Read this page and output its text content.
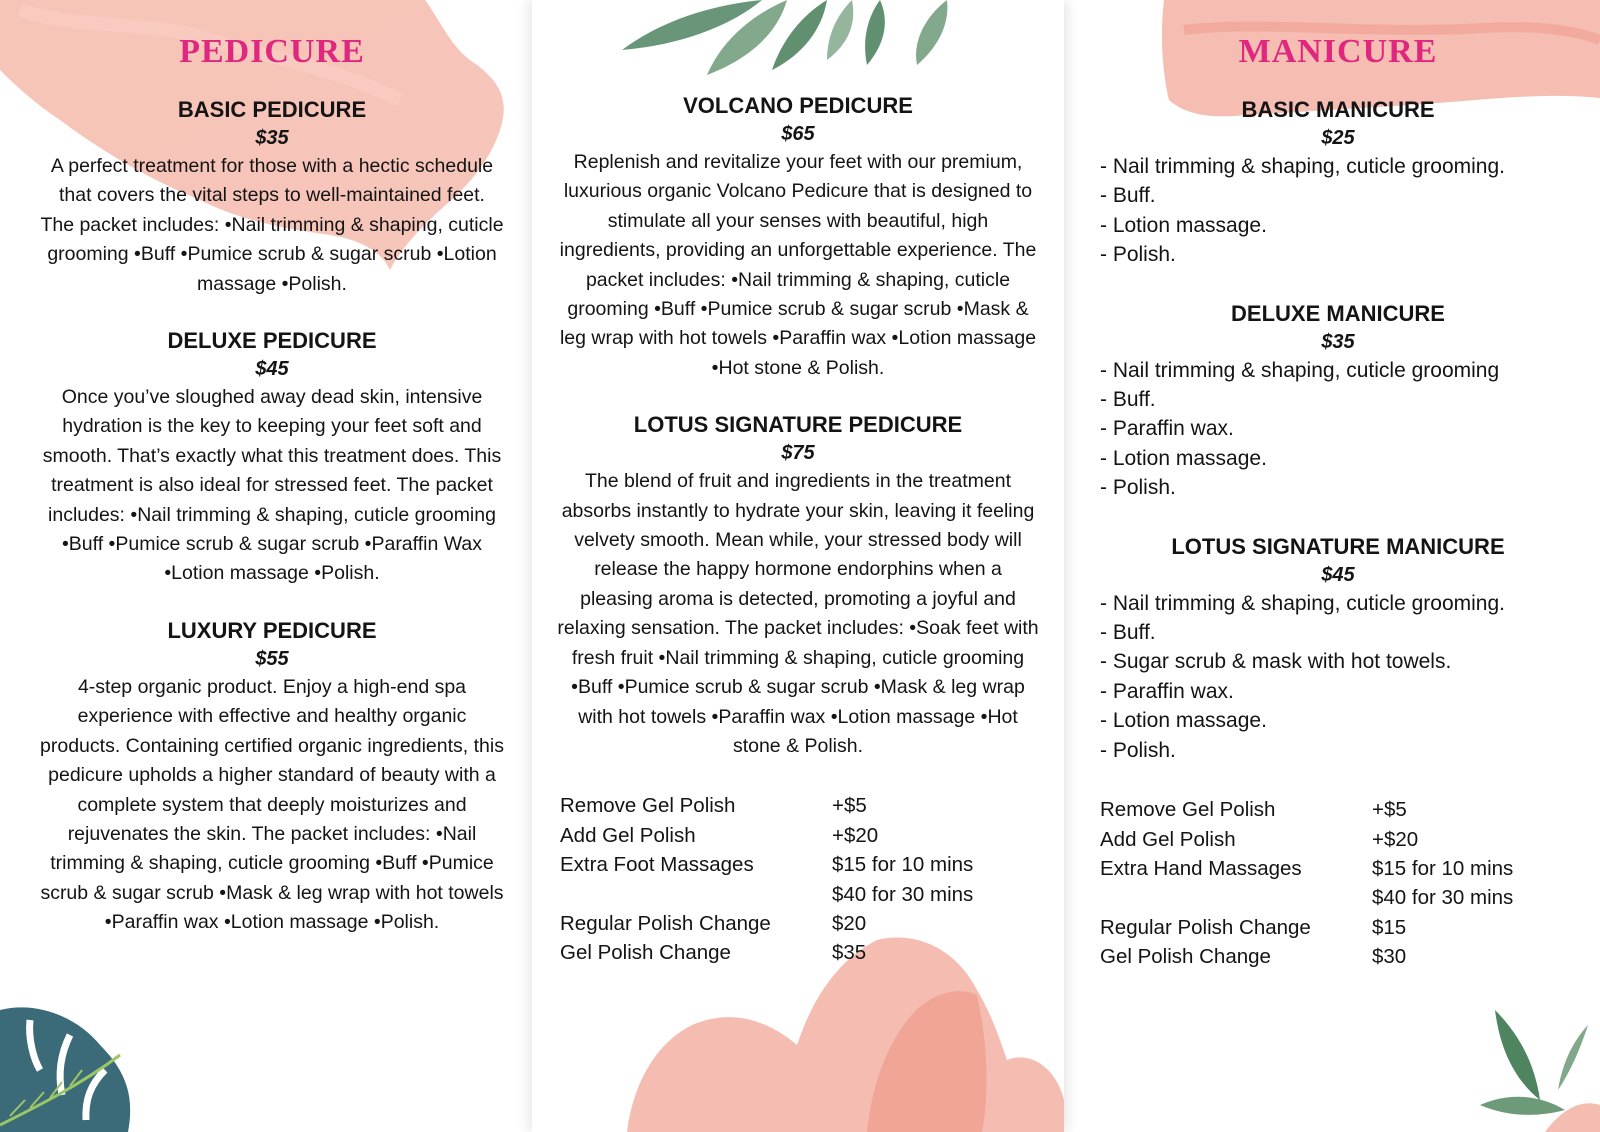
PEDICURE
BASIC PEDICURE
$35

A perfect treatment for those with a hectic schedule that covers the vital steps to well-maintained feet. The packet includes: •Nail trimming & shaping, cuticle grooming •Buff •Pumice scrub & sugar scrub •Lotion massage •Polish.

DELUXE PEDICURE
$45

Once you’ve sloughed away dead skin, intensive hydration is the key to keeping your feet soft and smooth. That’s exactly what this treatment does. This treatment is also ideal for stressed feet. The packet includes: •Nail trimming & shaping, cuticle grooming •Buff •Pumice scrub & sugar scrub •Paraffin Wax •Lotion massage •Polish.

LUXURY PEDICURE
$55

4-step organic product. Enjoy a high-end spa experience with effective and healthy organic products. Containing certified organic ingredients, this pedicure upholds a higher standard of beauty with a complete system that deeply moisturizes and rejuvenates the skin. The packet includes: •Nail trimming & shaping, cuticle grooming •Buff •Pumice scrub & sugar scrub •Mask & leg wrap with hot towels •Paraffin wax •Lotion massage •Polish.

VOLCANO PEDICURE
$65

Replenish and revitalize your feet with our premium, luxurious organic Volcano Pedicure that is designed to stimulate all your senses with beautiful, high ingredients, providing an unforgettable experience. The packet includes: •Nail trimming & shaping, cuticle grooming •Buff •Pumice scrub & sugar scrub •Mask & leg wrap with hot towels •Paraffin wax •Lotion massage •Hot stone & Polish.

LOTUS SIGNATURE PEDICURE
$75

The blend of fruit and ingredients in the treatment absorbs instantly to hydrate your skin, leaving it feeling velvety smooth. Mean while, your stressed body will release the happy hormone endorphins when a pleasing aroma is detected, promoting a joyful and relaxing sensation. The packet includes: •Soak feet with fresh fruit •Nail trimming & shaping, cuticle grooming •Buff •Pumice scrub & sugar scrub •Mask & leg wrap with hot towels •Paraffin wax •Lotion massage •Hot stone & Polish.

Remove Gel Polish	+$5
Add Gel Polish	+$20
Extra Foot Massages	$15 for 10 mins
$40 for 30 mins
Regular Polish Change	$20
Gel Polish Change	$35
MANICURE
BASIC MANICURE
$25
- Nail trimming & shaping, cuticle grooming.
- Buff.
- Lotion massage.
- Polish.
DELUXE MANICURE
$35
- Nail trimming & shaping, cuticle grooming
- Buff.
- Paraffin wax.
- Lotion massage.
- Polish.
LOTUS SIGNATURE MANICURE
$45
- Nail trimming & shaping, cuticle grooming.
- Buff.
- Sugar scrub & mask with hot towels.
- Paraffin wax.
- Lotion massage.
- Polish.
Remove Gel Polish	+$5
Add Gel Polish	+$20
Extra Hand Massages	$15 for 10 mins
$40 for 30 mins
Regular Polish Change	$15
Gel Polish Change	$30
